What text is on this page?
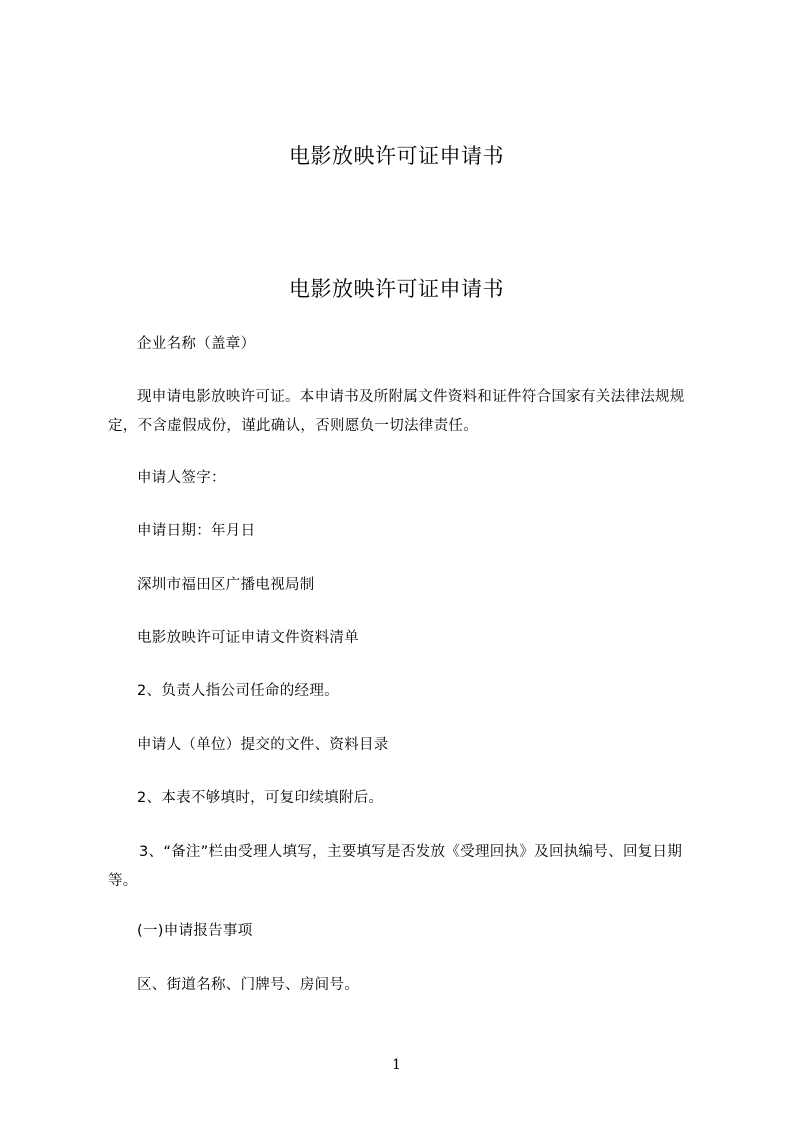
电影放映许可证申请书
电影放映许可证申请书
企业名称（盖章）
现申请电影放映许可证。本申请书及所附属文件资料和证件符合国家有关法律法规规定，不含虚假成份，谨此确认，否则愿负一切法律责任。
申请人签字：
申请日期：年月日
深圳市福田区广播电视局制
电影放映许可证申请文件资料清单
2、负责人指公司任命的经理。
申请人（单位）提交的文件、资料目录
2、本表不够填时，可复印续填附后。
3、“备注”栏由受理人填写，主要填写是否发放《受理回执》及回执编号、回复日期等。
(一)申请报告事项
区、街道名称、门牌号、房间号。
1
